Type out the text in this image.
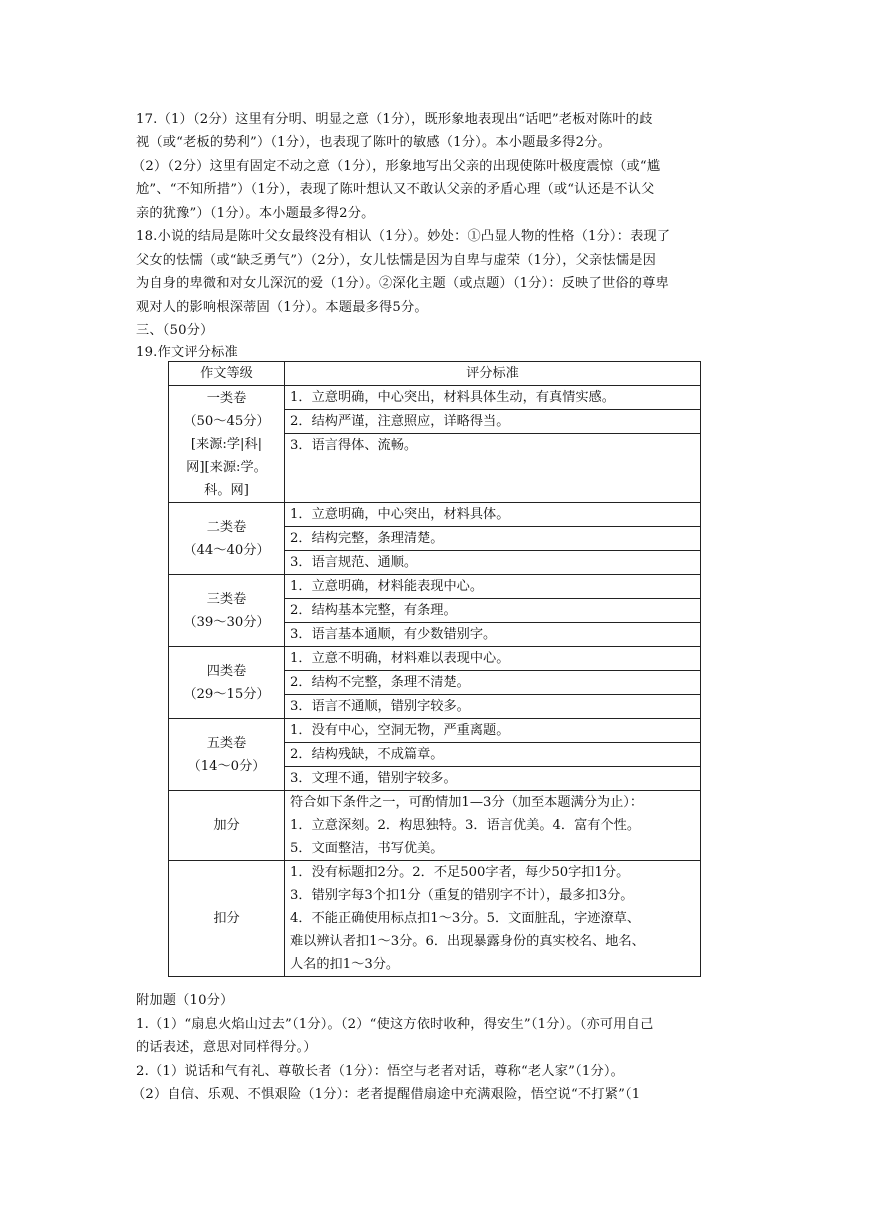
17.（1）（2分）这里有分明、明显之意（1分），既形象地表现出“话吧”老板对陈叶的歧
视（或“老板的势利”）（1分），也表现了陈叶的敏感（1分）。本小题最多得2分。
（2）（2分）这里有固定不动之意（1分），形象地写出父亲的出现使陈叶极度震惊（或“尴
尬”、“不知所措”）（1分），表现了陈叶想认又不敢认父亲的矛盾心理（或“认还是不认父
亲的犹豫”）（1分）。本小题最多得2分。
18.小说的结局是陈叶父女最终没有相认（1分）。妙处：①凸显人物的性格（1分）：表现了
父女的怯懦（或“缺乏勇气”）（2分），女儿怯懦是因为自卑与虚荣（1分），父亲怯懦是因
为自身的卑微和对女儿深沉的爱（1分）。②深化主题（或点题）（1分）：反映了世俗的尊卑
观对人的影响根深蒂固（1分）。本题最多得5分。
三、（50分）
19.作文评分标准
作文等级	评分标准

一类卷
（50～45分）
[来源:学|科|
网][来源:学。
科。网]	1．立意明确，中心突出，材料具体生动，有真情实感。
	2．结构严谨，注意照应，详略得当。
	3．语言得体、流畅。

二类卷
（44～40分）	1．立意明确，中心突出，材料具体。
	2．结构完整，条理清楚。
	3．语言规范、通顺。

三类卷
（39～30分）	1．立意明确，材料能表现中心。
	2．结构基本完整，有条理。
	3．语言基本通顺，有少数错别字。

四类卷
（29～15分）	1．立意不明确，材料难以表现中心。
	2．结构不完整，条理不清楚。
	3．语言不通顺，错别字较多。

五类卷
（14～0分）	1．没有中心，空洞无物，严重离题。
	2．结构残缺，不成篇章。
	3．文理不通，错别字较多。
加分	符合如下条件之一，可酌情加1—3分（加至本题满分为止）：
1．立意深刻。2．构思独特。3．语言优美。4．富有个性。
5．文面整洁，书写优美。

扣分	1．没有标题扣2分。2．不足500字者，每少50字扣1分。
3．错别字每3个扣1分（重复的错别字不计），最多扣3分。
4．不能正确使用标点扣1～3分。5．文面脏乱，字迹潦草、
难以辨认者扣1～3分。6．出现暴露身份的真实校名、地名、
人名的扣1～3分。
附加题（10分）
1.（1）“扇息火焰山过去”（1分）。（2）“使这方依时收种，得安生”（1分）。（亦可用自己
的话表述，意思对同样得分。）
2.（1）说话和气有礼、尊敬长者（1分）：悟空与老者对话，尊称“老人家”（1分）。
（2）自信、乐观、不惧艰险（1分）：老者提醒借扇途中充满艰险，悟空说“不打紧”（1
